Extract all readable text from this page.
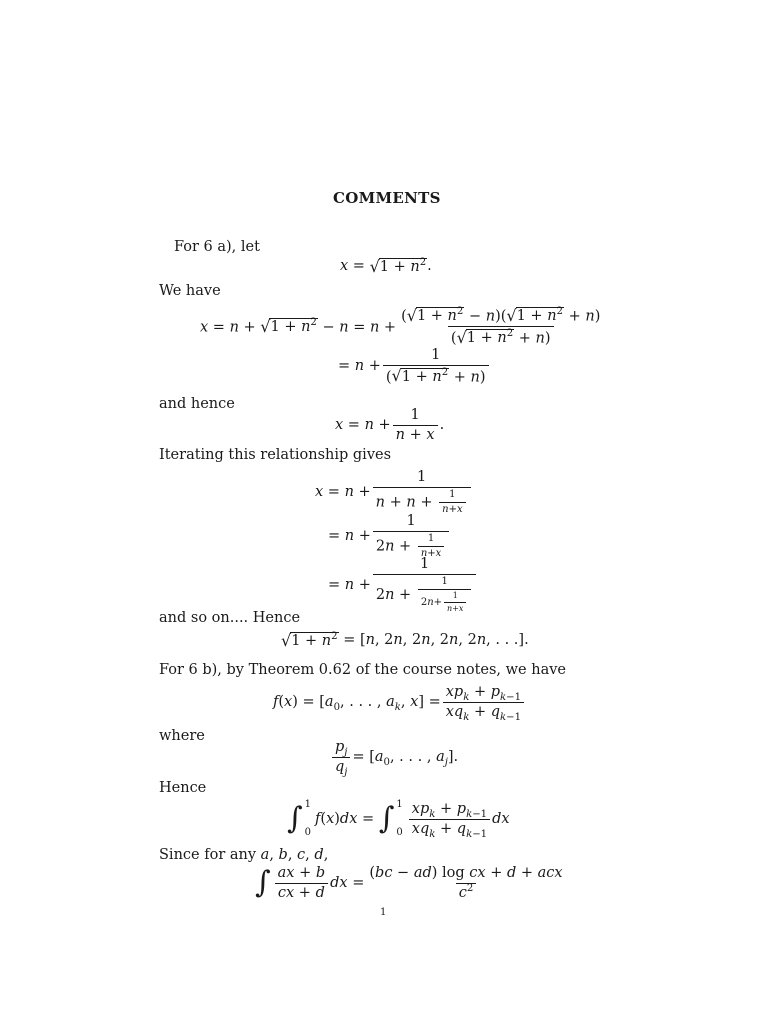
COMMENTS
For 6 a), let
x = √ $1 + n^2$ .
We have
x = n + √ $1 + n^2 - n = n + \frac{( √ 1 + n^2 - n)( √ 1 + n^2 + n)}{( √ 1 + n^2 + n)}$
= $n + \frac{1}{( √ 1 + n^2 + n)}$
and hence
$x = n + \frac{1}{n + x}$ .
Iterating this relationship gives
$x = n + \frac{1}{n + n + \frac{1}{n+x}}$
= $n + \frac{1}{2n + \frac{1}{n+x}}$
= $n + \frac{1}{2n + \frac{1}{2n+ \frac{1}{n+x}}}$
and so on.... Hence
√ $1 + n^2$ = [ n , 2 n , 2 n , 2 n , 2 n , . . .].
For 6 b), by Theorem 0.62 of the course notes, we have
$f(x) = [a_0$, . . . , $a_k$, $x] = \frac{xp_k + p_{k-1}}{xq_k + q_{k-1}}$
where
$\frac{p_j}{q_j} = [a_0$, . . . , $a_j$].
Hence
∫ 1
0
f(x)dx = ∫ 1
$0 \frac{xp_k + p_{k-1}}{xq_k + q_{k-1}}$ dx
Since for any a, b, c, d,
∫ $\frac{ax + b}{cx + d}$ dx = $\frac{\text{(bc − ad) log cx + d + acx}}{c^2}$
1
